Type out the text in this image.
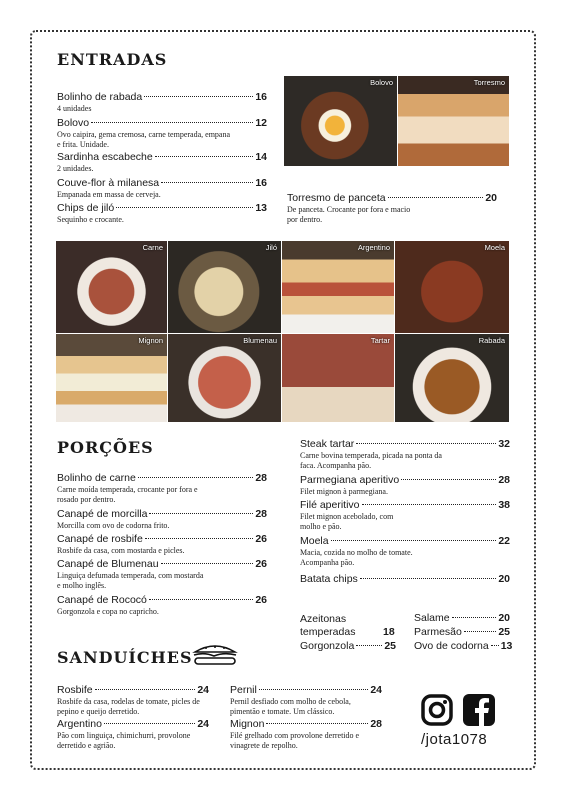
ENTRADAS
Bolinho de rabada	16
4 unidades
Bolovo	12
Ovo caipira, gema cremosa, carne temperada, empana e frita. Unidade.
Sardinha escabeche	14
2 unidades.
Couve-flor à milanesa	16
Empanada em massa de cerveja.
Chips de jiló	13
Sequinho e crocante.
Torresmo de panceta	20
De panceta. Crocante por fora e macio por dentro.
Bolovo	Torresmo
Carne	Jiló	Argentino	Moela
Mignon	Blumenau	Tartar	Rabada
PORÇÕES
Bolinho de carne	28
Carne moída temperada, crocante por fora e rosado por dentro.
Canapé de morcilla	28
Morcilla com ovo de codorna frito.
Canapé de rosbife	26
Rosbife da casa, com mostarda e picles.
Canapé de Blumenau	26
Linguiça defumada temperada, com mostarda e molho inglês.
Canapé de Rococó	26
Gorgonzola e copa no capricho.
Steak tartar	32
Carne bovina temperada, picada na ponta da faca. Acompanha pão.
Parmegiana aperitivo	28
Filet mignon à parmegiana.
Filé aperitivo	38
Filet mignon acebolado, com molho e pão.
Moela	22
Macia, cozida no molho de tomate. Acompanha pão.
Batata chips	20
Azeitonas temperadas	18
Gorgonzola	25
Salame	20
Parmesão	25
Ovo de codorna 13
SANDUÍCHES
Rosbife	24
Rosbife da casa, rodelas de tomate, picles de pepino e queijo derretido.
Pernil	24
Pernil desfiado com molho de cebola, pimentão e tomate. Um clássico.
Argentino	24
Pão com linguiça, chimichurri, provolone derretido e agrião.
Mignon	28
Filé grelhado com provolone derretido e vinagrete de repolho.	/jota1078
